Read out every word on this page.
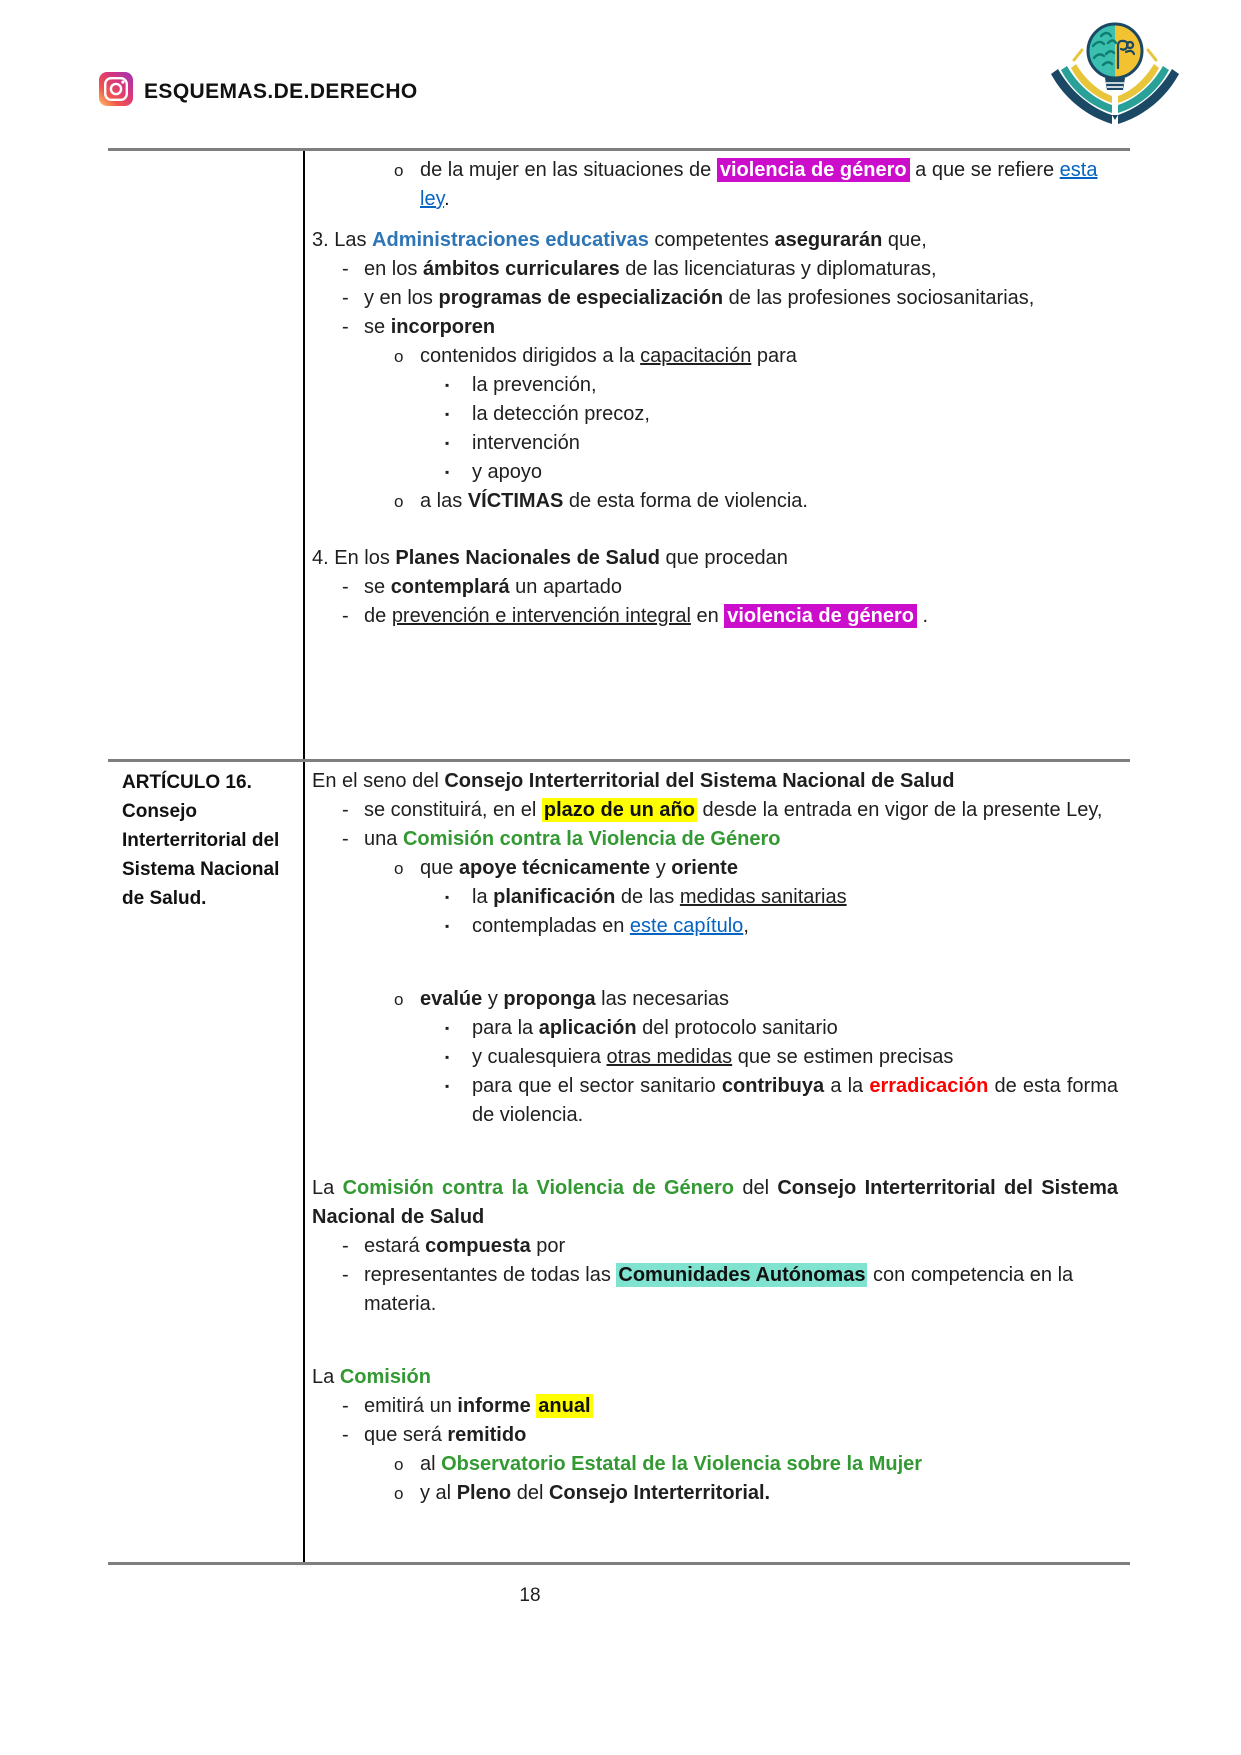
ESQUEMAS.DE.DERECHO
o de la mujer en las situaciones de violencia de género a que se refiere esta ley.
3. Las Administraciones educativas competentes asegurarán que,
- en los ámbitos curriculares de las licenciaturas y diplomaturas,
- y en los programas de especialización de las profesiones sociosanitarias,
- se incorporen
o contenidos dirigidos a la capacitación para
▪ la prevención,
▪ la detección precoz,
▪ intervención
▪ y apoyo
o a las VÍCTIMAS de esta forma de violencia.
4. En los Planes Nacionales de Salud que procedan
- se contemplará un apartado
- de prevención e intervención integral en violencia de género .
ARTÍCULO 16.
Consejo
Interterritorial del
Sistema Nacional
de Salud.
En el seno del Consejo Interterritorial del Sistema Nacional de Salud
- se constituirá, en el plazo de un año desde la entrada en vigor de la presente Ley,
- una Comisión contra la Violencia de Género
o que apoye técnicamente y oriente
▪ la planificación de las medidas sanitarias
▪ contempladas en este capítulo,
o evalúe y proponga las necesarias
▪ para la aplicación del protocolo sanitario
▪ y cualesquiera otras medidas que se estimen precisas
▪ para que el sector sanitario contribuya a la erradicación de esta forma de violencia.
La Comisión contra la Violencia de Género del Consejo Interterritorial del Sistema Nacional de Salud
- estará compuesta por
- representantes de todas las Comunidades Autónomas con competencia en la materia.
La Comisión
- emitirá un informe anual
- que será remitido
o al Observatorio Estatal de la Violencia sobre la Mujer
o y al Pleno del Consejo Interterritorial.
18
